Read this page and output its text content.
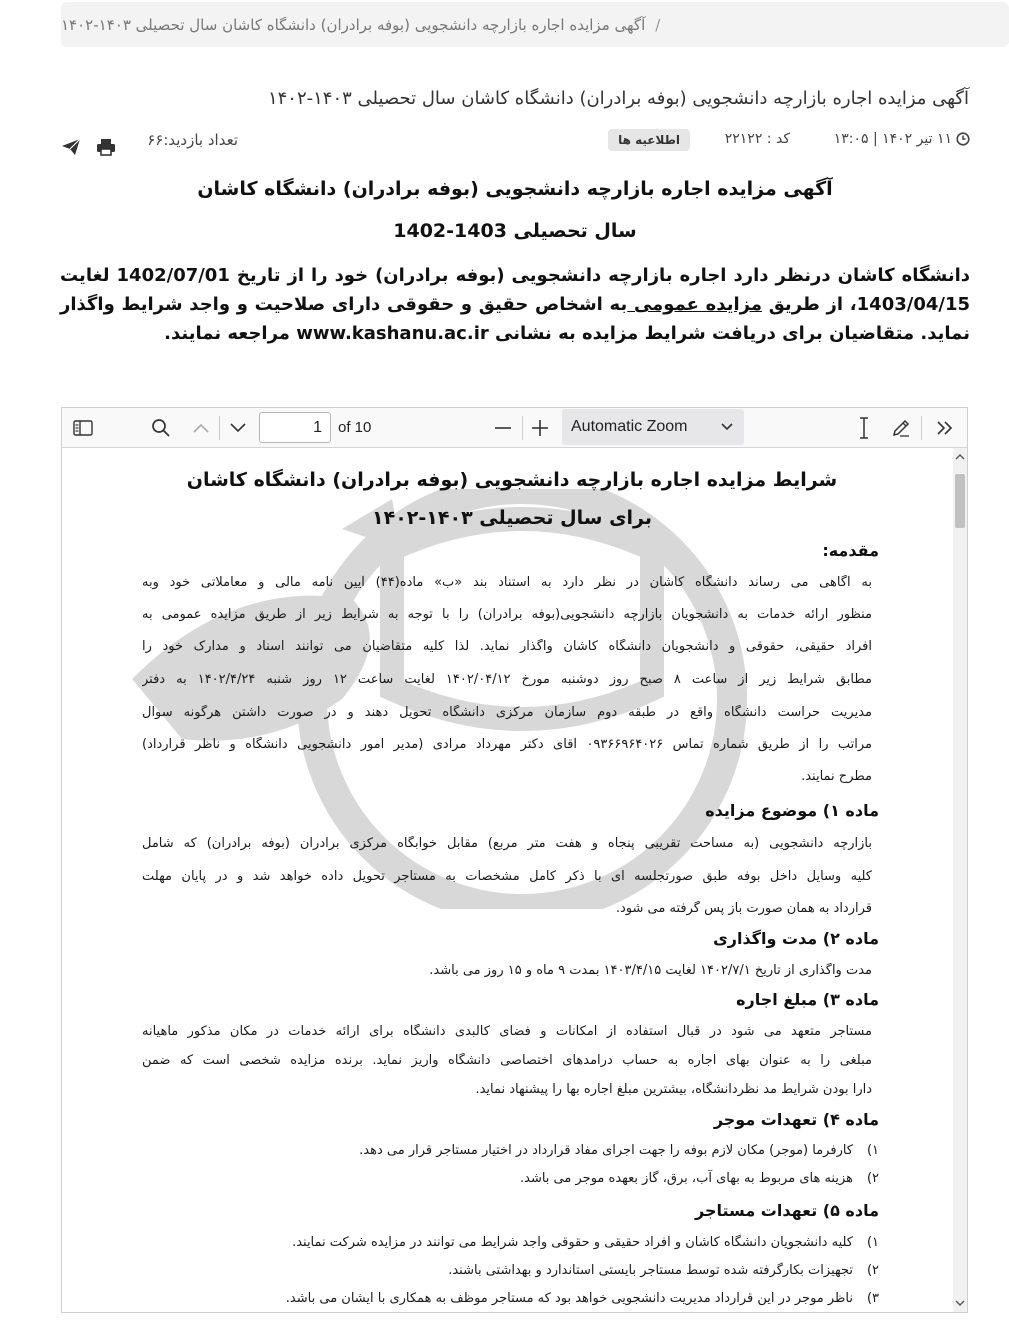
/
آگهی مزایده اجاره بازارچه دانشجویی (بوفه برادران) دانشگاه کاشان سال تحصیلی ۱۴۰۳-۱۴۰۲
آگهی مزایده اجاره بازارچه دانشجویی (بوفه برادران) دانشگاه کاشان سال تحصیلی ۱۴۰۳-۱۴۰۲
۱۱ تیر ۱۴۰۲ | ۱۳:۰۵
کد : ۲۲۱۲۲
اطلاعیه ها
تعداد بازدید:۶۶
آگهی مزایده اجاره بازارچه دانشجویی (بوفه برادران) دانشگاه کاشان
سال تحصیلی 1403-1402
دانشگاه کاشان درنظر دارد اجاره بازارچه دانشجویی (بوفه برادران) خود را از تاریخ 1402/07/01 لغایت 1403/04/15، از طریق مزایده عمومی به اشخاص حقیق و حقوقی دارای صلاحیت و واجد شرایط واگذار نماید. متقاضیان برای دریافت شرایط مزایده به نشانی www.kashanu.ac.ir مراجعه نمایند.
1
of 10	Automatic Zoom
شرایط مزایده اجاره بازارچه دانشجویی (بوفه برادران) دانشگاه کاشان
برای سال تحصیلی ۱۴۰۳-۱۴۰۲
مقدمه:
به آگاهی می رساند دانشگاه کاشان در نظر دارد به استناد بند «ب» ماده(۴۴) آیین نامه مالی و معاملاتی خود وبه
منظور ارائه خدمات به دانشجویان بازارچه دانشجویی(بوفه برادران) را با توجه به شرایط زیر از طریق مزایده عمومی به
افراد حقیقی، حقوقی و دانشجویان دانشگاه کاشان واگذار نماید. لذا کلیه متقاضیان می توانند اسناد و مدارک خود را
مطابق شرایط زیر از ساعت ۸ صبح روز دوشنبه مورخ ۱۴۰۲/۰۴/۱۲ لغایت ساعت ۱۲ روز شنبه ۱۴۰۲/۴/۲۴ به دفتر
مدیریت حراست دانشگاه واقع در طبقه دوم سازمان مرکزی دانشگاه تحویل دهند و در صورت داشتن هرگونه سوال
مراتب را از طریق شماره تماس ۰۹۳۶۶۹۶۴۰۲۶ آقای دکتر مهرداد مرادی (مدیر امور دانشجویی دانشگاه و ناظر قرارداد)
مطرح نمایند.
ماده ۱) موضوع مزایده
بازارچه دانشجویی (به مساحت تقریبی پنجاه و هفت متر مربع) مقابل خوابگاه مرکزی برادران (بوفه برادران) که شامل
کلیه وسایل داخل بوفه طبق صورتجلسه ای با ذکر کامل مشخصات به مستاجر تحویل داده خواهد شد و در پایان مهلت
قرارداد به همان صورت باز پس گرفته می شود.
ماده ۲) مدت واگذاری
مدت واگذاری از تاریخ ۱۴۰۲/۷/۱ لغایت ۱۴۰۳/۴/۱۵ بمدت ۹ ماه و ۱۵ روز می باشد.
ماده ۳) مبلغ اجاره
مستاجر متعهد می شود در قبال استفاده از امکانات و فضای کالبدی دانشگاه برای ارائه خدمات در مکان مذکور ماهیانه
مبلغی را به عنوان بهای اجاره به حساب درآمدهای اختصاصی دانشگاه واریز نماید. برنده مزایده شخصی است که ضمن
دارا بودن شرایط مد نظردانشگاه، بیشترین مبلغ اجاره بها را پیشنهاد نماید.
ماده ۴) تعهدات موجر
۱)کارفرما (موجر) مکان لازم بوفه را جهت اجرای مفاد قرارداد در اختیار مستاجر قرار می دهد.
۲)هزینه های مربوط به بهای آب، برق، گاز بعهده موجر می باشد.
ماده ۵) تعهدات مستاجر
۱)کلیه دانشجویان دانشگاه کاشان و افراد حقیقی و حقوقی واجد شرایط می توانند در مزایده شرکت نمایند.
۲)تجهیزات بکارگرفته شده توسط مستاجر بایستی استاندارد و بهداشتی باشند.
۳)ناظر موجر در این قرارداد مدیریت دانشجویی خواهد بود که مستاجر موظف به همکاری با ایشان می باشد.
